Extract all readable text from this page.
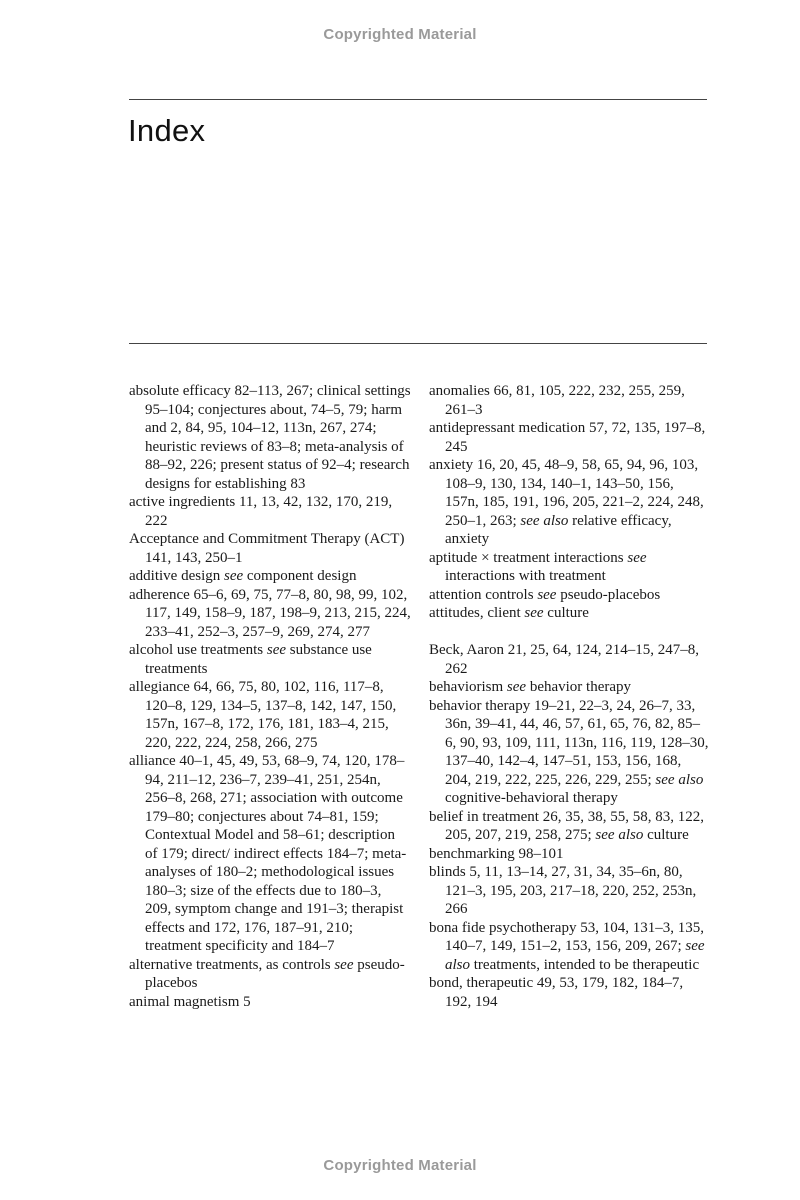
Copyrighted Material
Index

absolute efficacy 82–113, 267; clinical settings 95–104; conjectures about, 74–5, 79; harm and 2, 84, 95, 104–12, 113n, 267, 274; heuristic reviews of 83–8; meta-analysis of 88–92, 226; present status of 92–4; research designs for establishing 83

active ingredients 11, 13, 42, 132, 170, 219, 222

Acceptance and Commitment Therapy (ACT) 141, 143, 250–1

additive design see component design

adherence 65–6, 69, 75, 77–8, 80, 98, 99, 102, 117, 149, 158–9, 187, 198–9, 213, 215, 224, 233–41, 252–3, 257–9, 269, 274, 277

alcohol use treatments see substance use treatments

allegiance 64, 66, 75, 80, 102, 116, 117–8, 120–8, 129, 134–5, 137–8, 142, 147, 150, 157n, 167–8, 172, 176, 181, 183–4, 215, 220, 222, 224, 258, 266, 275

alliance 40–1, 45, 49, 53, 68–9, 74, 120, 178–94, 211–12, 236–7, 239–41, 251, 254n, 256–8, 268, 271; association with outcome 179–80; conjectures about 74–81, 159; Contextual Model and 58–61; description of 179; direct/ indirect effects 184–7; meta-analyses of 180–2; methodological issues 180–3; size of the effects due to 180–3, 209, symptom change and 191–3; therapist effects and 172, 176, 187–91, 210; treatment specificity and 184–7

alternative treatments, as controls see pseudo-placebos

animal magnetism 5

anomalies 66, 81, 105, 222, 232, 255, 259, 261–3

antidepressant medication 57, 72, 135, 197–8, 245

anxiety 16, 20, 45, 48–9, 58, 65, 94, 96, 103, 108–9, 130, 134, 140–1, 143–50, 156, 157n, 185, 191, 196, 205, 221–2, 224, 248, 250–1, 263; see also relative efficacy, anxiety

aptitude × treatment interactions see interactions with treatment

attention controls see pseudo-placebos

attitudes, client see culture

Beck, Aaron 21, 25, 64, 124, 214–15, 247–8, 262

behaviorism see behavior therapy

behavior therapy 19–21, 22–3, 24, 26–7, 33, 36n, 39–41, 44, 46, 57, 61, 65, 76, 82, 85–6, 90, 93, 109, 111, 113n, 116, 119, 128–30, 137–40, 142–4, 147–51, 153, 156, 168, 204, 219, 222, 225, 226, 229, 255; see also cognitive-behavioral therapy

belief in treatment 26, 35, 38, 55, 58, 83, 122, 205, 207, 219, 258, 275; see also culture

benchmarking 98–101

blinds 5, 11, 13–14, 27, 31, 34, 35–6n, 80, 121–3, 195, 203, 217–18, 220, 252, 253n, 266

bona fide psychotherapy 53, 104, 131–3, 135, 140–7, 149, 151–2, 153, 156, 209, 267; see also treatments, intended to be therapeutic

bond, therapeutic 49, 53, 179, 182, 184–7, 192, 194

Copyrighted Material
